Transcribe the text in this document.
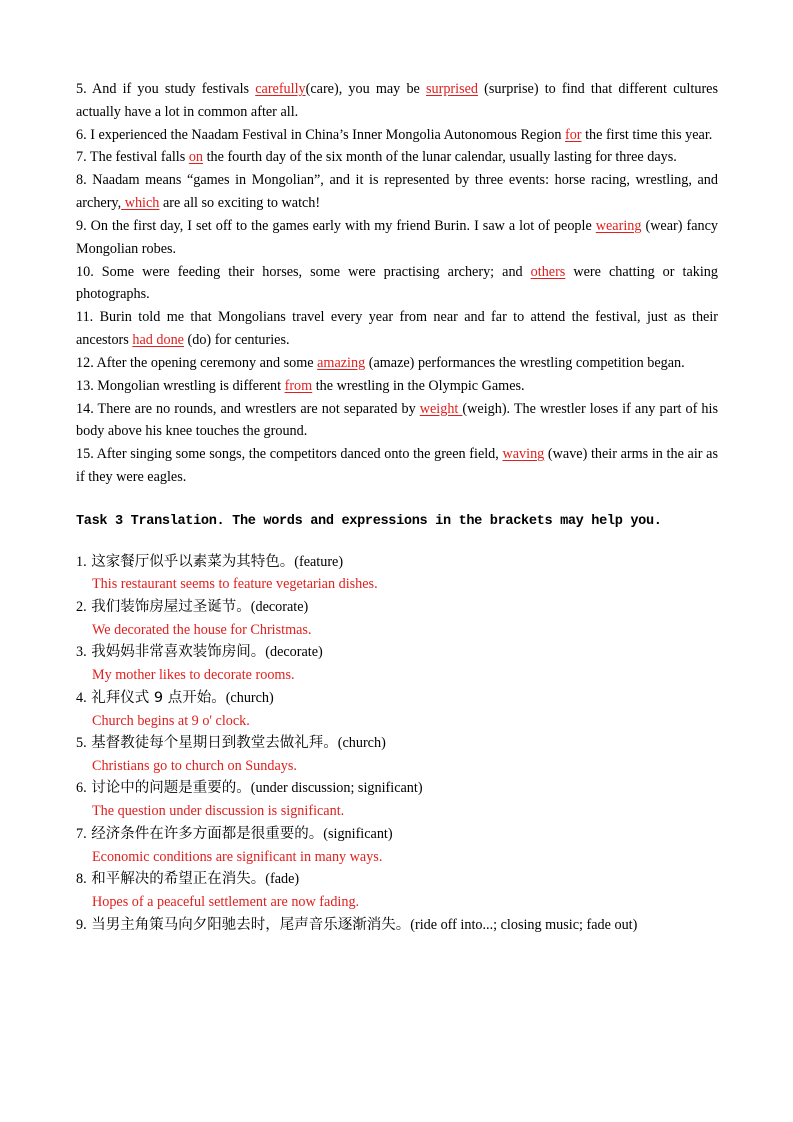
5. And if you study festivals carefully(care), you may be surprised (surprise) to find that different cultures actually have a lot in common after all.

6. I experienced the Naadam Festival in China’s Inner Mongolia Autonomous Region for the first time this year.

7. The festival falls on the fourth day of the six month of the lunar calendar, usually lasting for three days.

8. Naadam means “games in Mongolian”, and it is represented by three events: horse racing, wrestling, and archery, which are all so exciting to watch!

9. On the first day, I set off to the games early with my friend Burin. I saw a lot of people wearing (wear) fancy Mongolian robes.

10. Some were feeding their horses, some were practising archery; and others were chatting or taking photographs.

11. Burin told me that Mongolians travel every year from near and far to attend the festival, just as their ancestors had done (do) for centuries.

12. After the opening ceremony and some amazing (amaze) performances the wrestling competition began.

13. Mongolian wrestling is different from the wrestling in the Olympic Games.

14. There are no rounds, and wrestlers are not separated by weight (weigh). The wrestler loses if any part of his body above his knee touches the ground.

15. After singing some songs, the competitors danced onto the green field, waving (wave) their arms in the air as if they were eagles.

Task 3 Translation. The words and expressions in the brackets may help you.
1. 这家餐厅似乎以素菜为其特色。(feature)
This restaurant seems to feature vegetarian dishes.
2. 我们装饰房屋过圣诞节。(decorate)
We decorated the house for Christmas.
3. 我妈妈非常喜欢装饰房间。(decorate)
My mother likes to decorate rooms.
4. 礼拜仪式 9 点开始。(church)
Church begins at 9 o' clock.
5. 基督教徒每个星期日到教堂去做礼拜。(church)
Christians go to church on Sundays.
6. 讨论中的问题是重要的。(under discussion; significant)
The question under discussion is significant.
7. 经济条件在许多方面都是很重要的。(significant)
Economic conditions are significant in many ways.
8. 和平解决的希望正在消失。(fade)
Hopes of a peaceful settlement are now fading.
9. 当男主角策马向夕阳驰去时，尾声音乐逐渐消失。(ride off into...; closing music; fade out)
